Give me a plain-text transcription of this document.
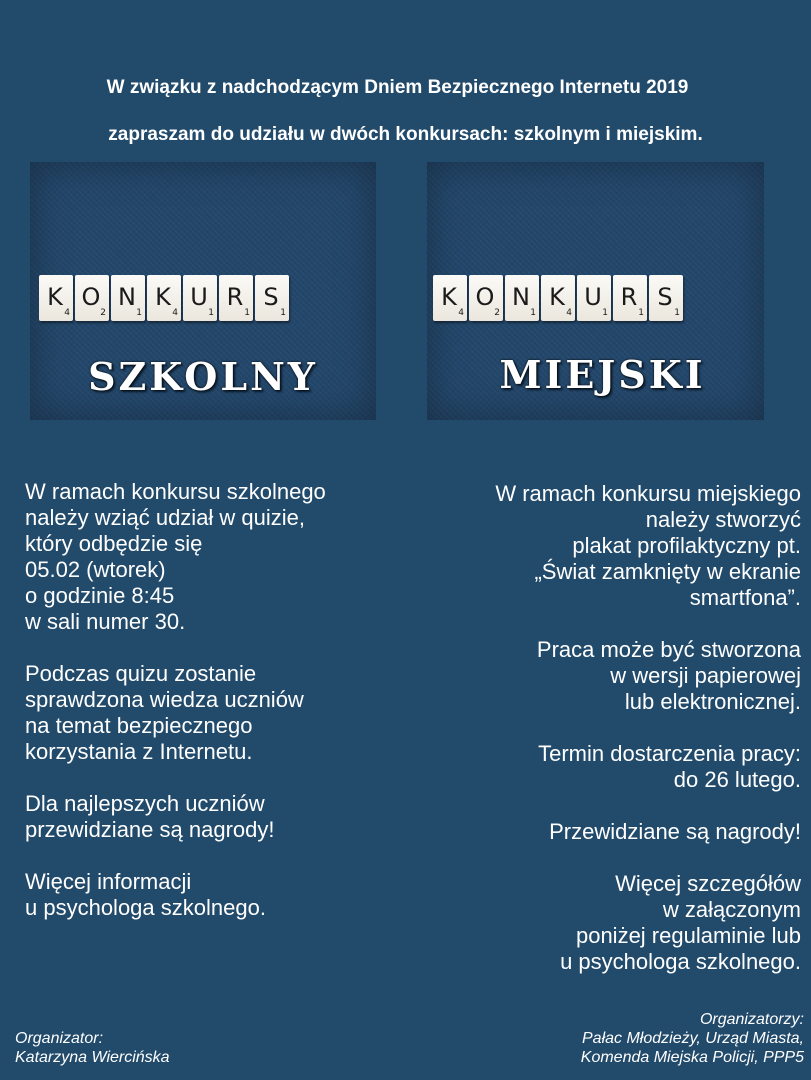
W związku z nadchodzącym Dniem Bezpiecznego Internetu 2019
zapraszam do udziału w dwóch konkursach: szkolnym i miejskim.
K
4
O
2
N
1
K
4
U
1
R
1
S
1
SZKOLNY
K
4
O
2
N
1
K
4
U
1
R
1
S
1
MIEJSKI

W ramach konkursu szkolnego
należy wziąć udział w quizie,
który odbędzie się
05.02 (wtorek)
o godzinie 8:45
w sali numer 30.

Podczas quizu zostanie
sprawdzona wiedza uczniów
na temat bezpiecznego
korzystania z Internetu.

Dla najlepszych uczniów
przewidziane są nagrody!

Więcej informacji
u psychologa szkolnego.

W ramach konkursu miejskiego
należy stworzyć
plakat profilaktyczny pt.
„Świat zamknięty w ekranie
smartfona”.

Praca może być stworzona
w wersji papierowej
lub elektronicznej.

Termin dostarczenia pracy:
do 26 lutego.

Przewidziane są nagrody!

Więcej szczegółów
w załączonym
poniżej regulaminie lub
u psychologa szkolnego.

Organizator:
Katarzyna Wiercińska
Organizatorzy:
Pałac Młodzieży, Urząd Miasta,
Komenda Miejska Policji, PPP5
